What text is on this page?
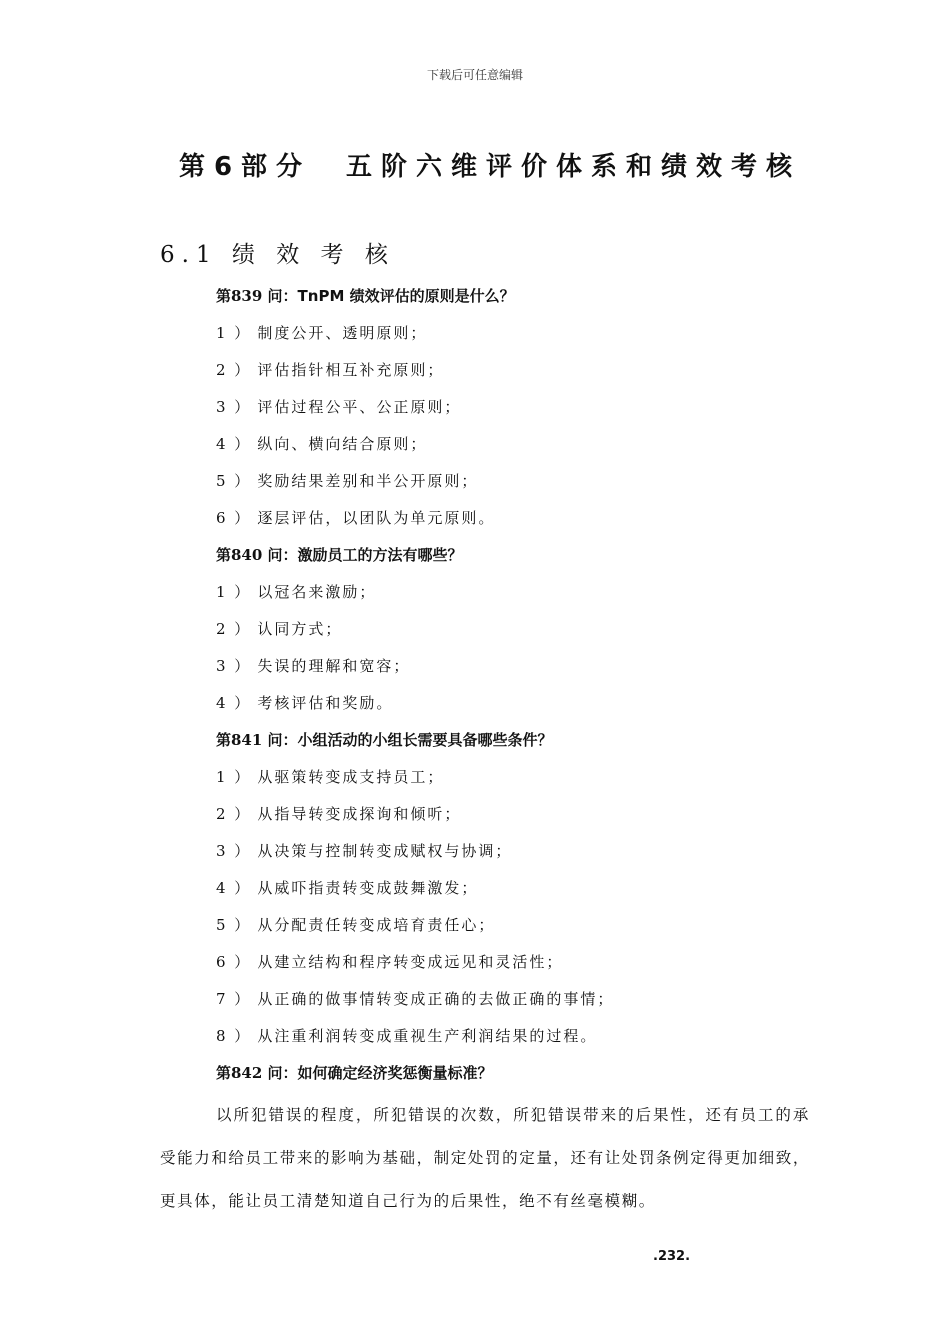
下载后可任意编辑
第6部分　五阶六维评价体系和绩效考核
6.1 绩 效 考 核
第839 问：TnPM 绩效评估的原则是什么？
1 ） 制度公开、透明原则；
2 ） 评估指针相互补充原则；
3 ） 评估过程公平、公正原则；
4 ） 纵向、横向结合原则；
5 ） 奖励结果差别和半公开原则；
6 ） 逐层评估，以团队为单元原则。
第840 问：激励员工的方法有哪些？
1 ） 以冠名来激励；
2 ） 认同方式；
3 ） 失误的理解和宽容；
4 ） 考核评估和奖励。
第841 问：小组活动的小组长需要具备哪些条件？
1 ） 从驱策转变成支持员工；
2 ） 从指导转变成探询和倾听；
3 ） 从决策与控制转变成赋权与协调；
4 ） 从威吓指责转变成鼓舞激发；
5 ） 从分配责任转变成培育责任心；
6 ） 从建立结构和程序转变成远见和灵活性；
7 ） 从正确的做事情转变成正确的去做正确的事情；
8 ） 从注重利润转变成重视生产利润结果的过程。
第842 问：如何确定经济奖惩衡量标准？

以所犯错误的程度，所犯错误的次数，所犯错误带来的后果性，还有员工的承受能力和给员工带来的影响为基础，制定处罚的定量，还有让处罚条例定得更加细致，更具体，能让员工清楚知道自己行为的后果性，绝不有丝毫模糊。

.232.
